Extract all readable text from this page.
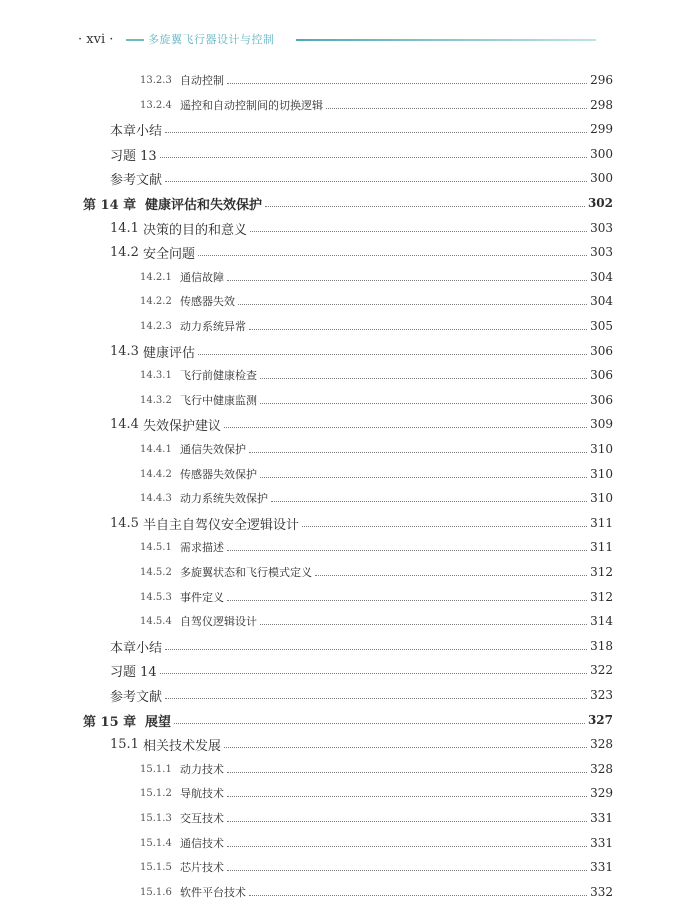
· xvi ·	多旋翼飞行器设计与控制
13.2.3 自动控制	296
13.2.4 遥控和自动控制间的切换逻辑	298
本章小结	299
习题 13	300
参考文献	300
第 14 章 健康评估和失效保护	302
14.1 决策的目的和意义	303
14.2 安全问题	303
14.2.1 通信故障	304
14.2.2 传感器失效	304
14.2.3 动力系统异常	305
14.3 健康评估	306
14.3.1 飞行前健康检查	306
14.3.2 飞行中健康监测	306
14.4 失效保护建议	309
14.4.1 通信失效保护	310
14.4.2 传感器失效保护	310
14.4.3 动力系统失效保护	310
14.5 半自主自驾仪安全逻辑设计	311
14.5.1 需求描述	311
14.5.2 多旋翼状态和飞行模式定义	312
14.5.3 事件定义	312
14.5.4 自驾仪逻辑设计	314
本章小结	318
习题 14	322
参考文献	323
第 15 章 展望	327
15.1 相关技术发展	328
15.1.1 动力技术	328
15.1.2 导航技术	329
15.1.3 交互技术	331
15.1.4 通信技术	331
15.1.5 芯片技术	331
15.1.6 软件平台技术	332
